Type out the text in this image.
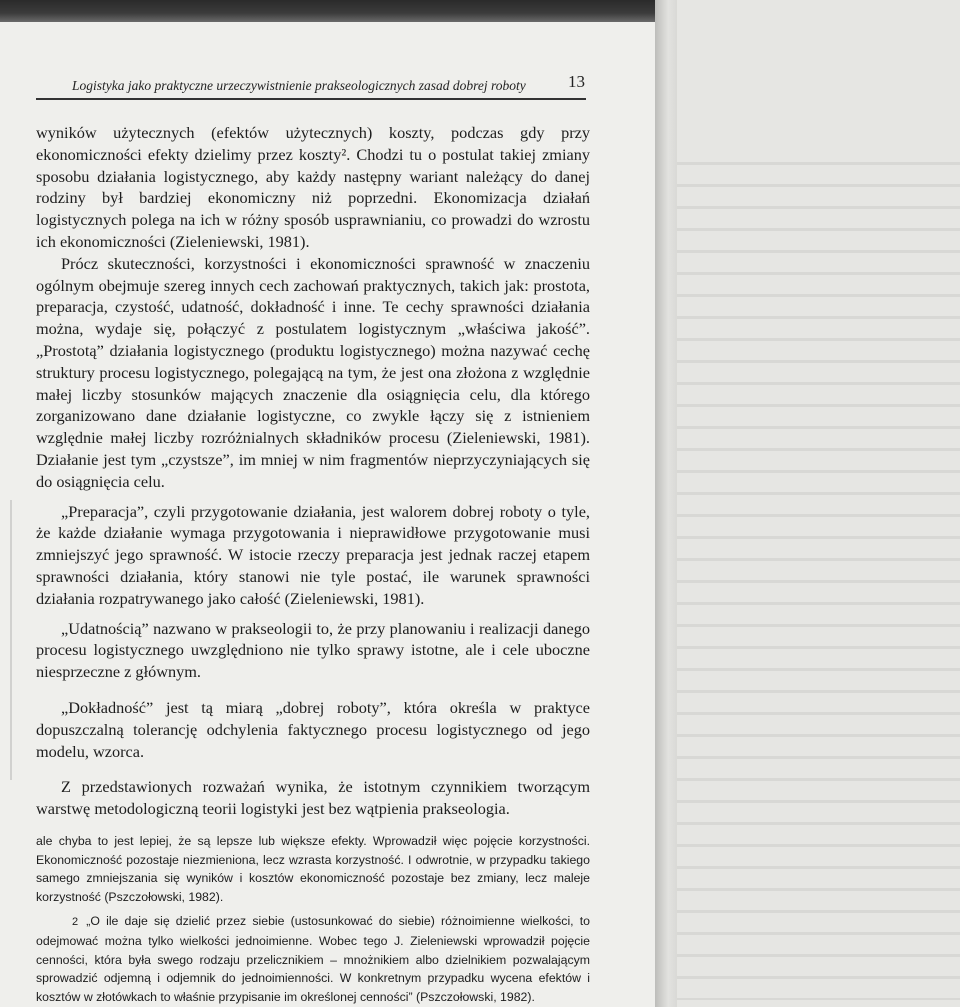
Logistyka jako praktyczne urzeczywistnienie prakseologicznych zasad dobrej roboty	13

wyników użytecznych (efektów użytecznych) koszty, podczas gdy przy ekonomiczności efekty dzielimy przez koszty². Chodzi tu o postulat takiej zmiany sposobu działania logistycznego, aby każdy następny wariant należący do danej rodziny był bardziej ekonomiczny niż poprzedni. Ekonomizacja działań logistycznych polega na ich w różny sposób usprawnianiu, co prowadzi do wzrostu ich ekonomiczności (Zieleniewski, 1981).

Prócz skuteczności, korzystności i ekonomiczności sprawność w znaczeniu ogólnym obejmuje szereg innych cech zachowań praktycznych, takich jak: prostota, preparacja, czystość, udatność, dokładność i inne. Te cechy sprawności działania można, wydaje się, połączyć z postulatem logistycznym „właściwa jakość”. „Prostotą” działania logistycznego (produktu logistycznego) można nazywać cechę struktury procesu logistycznego, polegającą na tym, że jest ona złożona z względnie małej liczby stosunków mających znaczenie dla osiągnięcia celu, dla którego zorganizowano dane działanie logistyczne, co zwykle łączy się z istnieniem względnie małej liczby rozróżnialnych składników procesu (Zieleniewski, 1981). Działanie jest tym „czystsze”, im mniej w nim fragmentów nieprzyczyniających się do osiągnięcia celu.

„Preparacja”, czyli przygotowanie działania, jest walorem dobrej roboty o tyle, że każde działanie wymaga przygotowania i nieprawidłowe przygotowanie musi zmniejszyć jego sprawność. W istocie rzeczy preparacja jest jednak raczej etapem sprawności działania, który stanowi nie tyle postać, ile warunek sprawności działania rozpatrywanego jako całość (Zieleniewski, 1981).

„Udatnością” nazwano w prakseologii to, że przy planowaniu i realizacji danego procesu logistycznego uwzględniono nie tylko sprawy istotne, ale i cele uboczne niesprzeczne z głównym.

„Dokładność” jest tą miarą „dobrej roboty”, która określa w praktyce dopuszczalną tolerancję odchylenia faktycznego procesu logistycznego od jego modelu, wzorca.

Z przedstawionych rozważań wynika, że istotnym czynnikiem tworzącym warstwę metodologiczną teorii logistyki jest bez wątpienia prakseologia.

ale chyba to jest lepiej, że są lepsze lub większe efekty. Wprowadził więc pojęcie korzystności. Ekonomiczność pozostaje niezmieniona, lecz wzrasta korzystność. I odwrotnie, w przypadku takiego samego zmniejszania się wyników i kosztów ekonomiczność pozostaje bez zmiany, lecz maleje korzystność (Pszczołowski, 1982).

2 „O ile daje się dzielić przez siebie (ustosunkować do siebie) różnoimienne wielkości, to odejmować można tylko wielkości jednoimienne. Wobec tego J. Zieleniewski wprowadził pojęcie cenności, która była swego rodzaju przelicznikiem – mnożnikiem albo dzielnikiem pozwalającym sprowadzić odjemną i odjemnik do jednoimienności. W konkretnym przypadku wycena efektów i kosztów w złotówkach to właśnie przypisanie im określonej cenności” (Pszczołowski, 1982).
